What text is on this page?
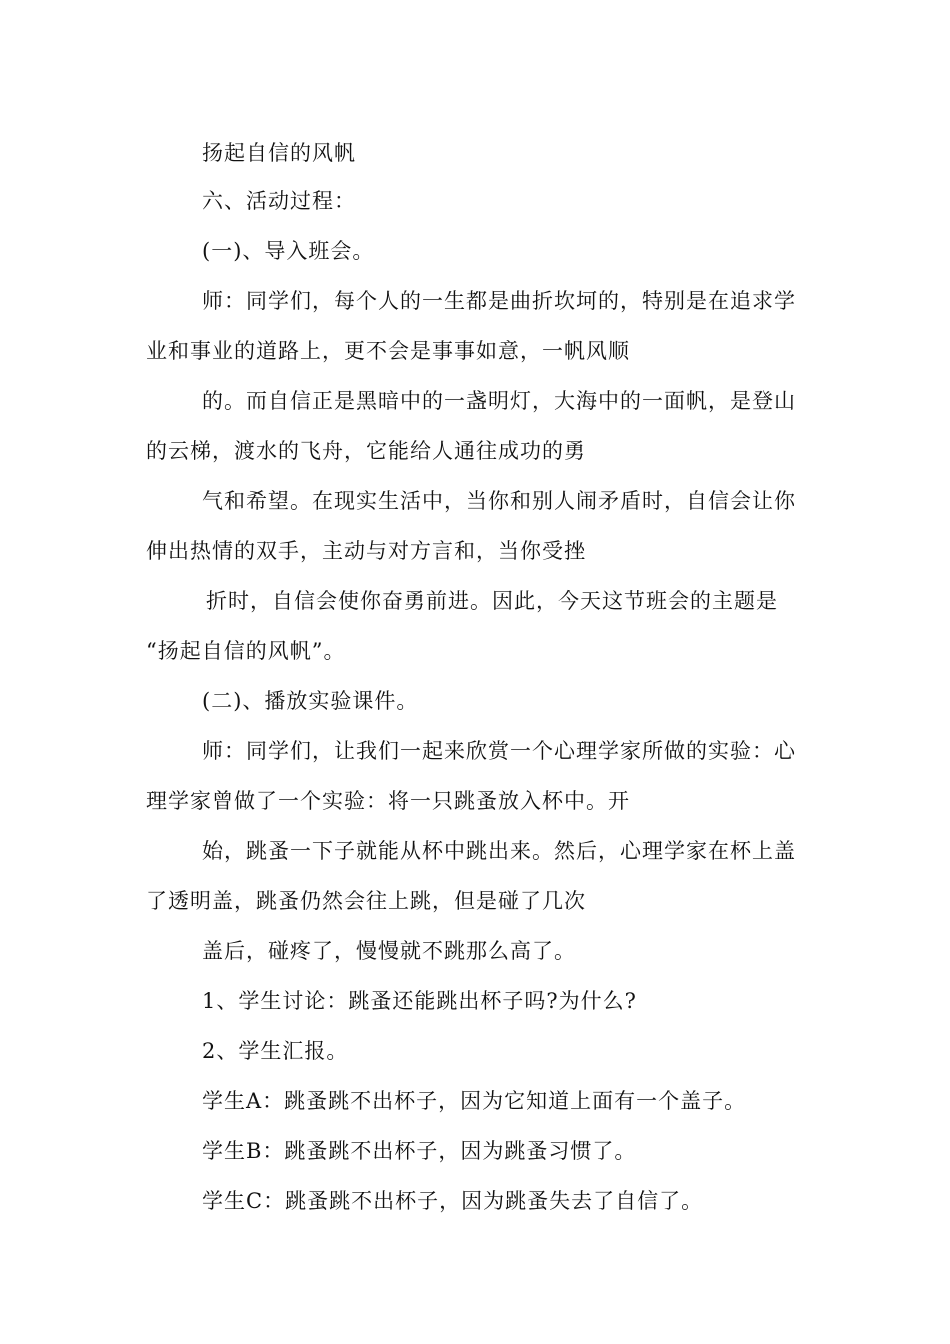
扬起自信的风帆
六、活动过程：
(一)、导入班会。
师：同学们，每个人的一生都是曲折坎坷的，特别是在追求学
业和事业的道路上，更不会是事事如意，一帆风顺
的。而自信正是黑暗中的一盏明灯，大海中的一面帆，是登山
的云梯，渡水的飞舟，它能给人通往成功的勇
气和希望。在现实生活中，当你和别人闹矛盾时，自信会让你
伸出热情的双手，主动与对方言和，当你受挫
折时，自信会使你奋勇前进。因此，今天这节班会的主题是
“扬起自信的风帆”。
(二)、播放实验课件。
师：同学们，让我们一起来欣赏一个心理学家所做的实验：心
理学家曾做了一个实验：将一只跳蚤放入杯中。开
始，跳蚤一下子就能从杯中跳出来。然后，心理学家在杯上盖
了透明盖，跳蚤仍然会往上跳，但是碰了几次
盖后，碰疼了，慢慢就不跳那么高了。
1、学生讨论：跳蚤还能跳出杯子吗?为什么?
2、学生汇报。
学生A：跳蚤跳不出杯子，因为它知道上面有一个盖子。
学生B：跳蚤跳不出杯子，因为跳蚤习惯了。
学生C：跳蚤跳不出杯子，因为跳蚤失去了自信了。
